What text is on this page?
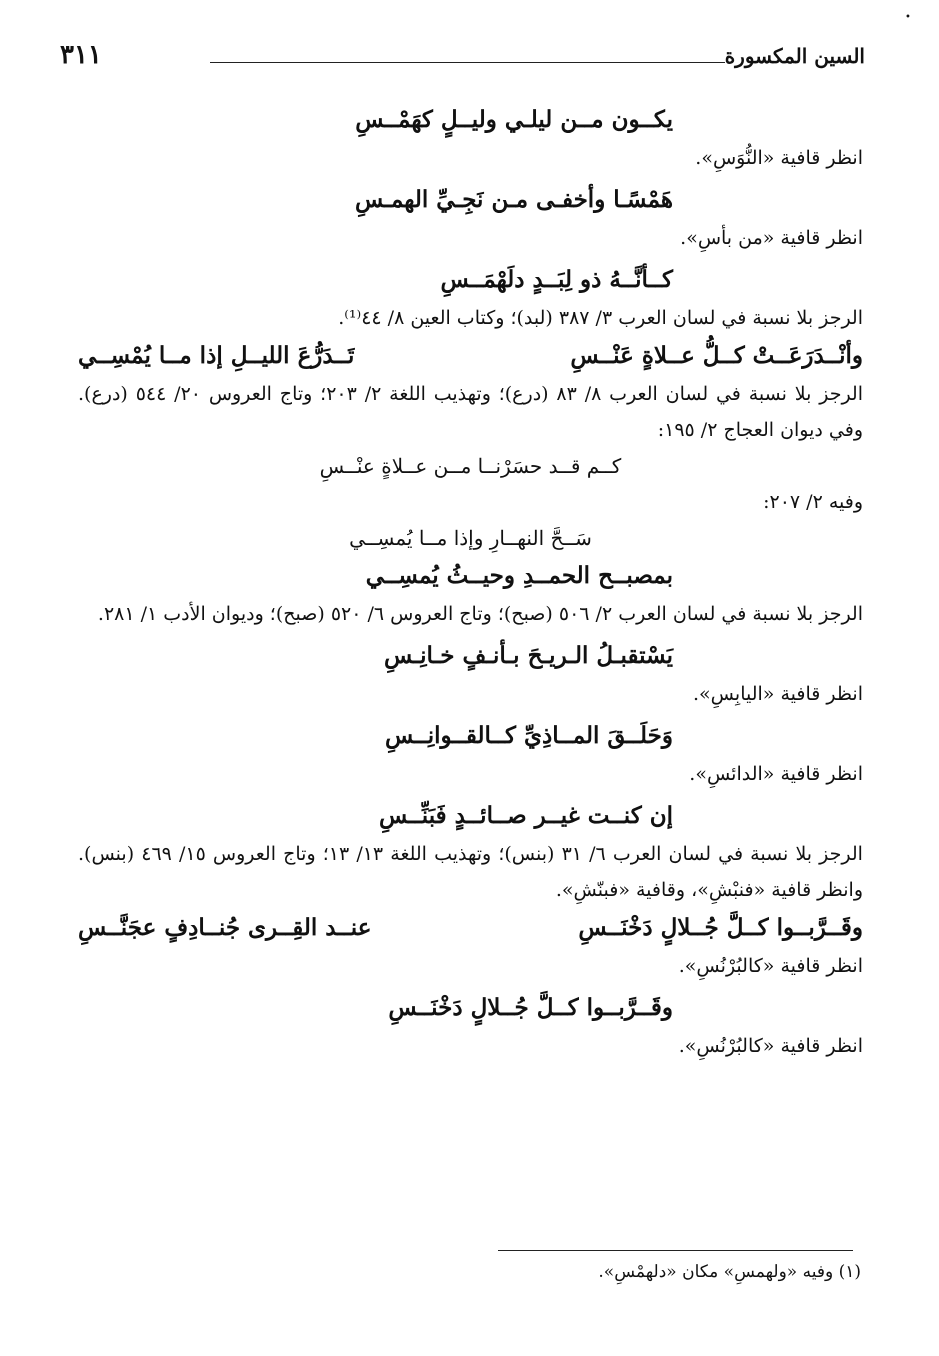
•
٣١١	السين المكسورة
يكــون مــن ليلـي وليــلٍ كهَمْــسِ
انظر قافية «النُّوَسِ».
هَمْسًـا وأخفـى مـن نَجِـيِّ الهمـسِ
انظر قافية «من بأسِ».
كــأنَّــهُ ذو لِبَــدٍ دلَهْمَــسِ
الرجز بلا نسبة في لسان العرب ٣/ ٣٨٧ (لبد)؛ وكتاب العين ٨/ ٤٤⁽¹⁾.
وأنْــدَرَعَــتْ كــلُّ عــلاةٍ عَنْــسِ
تَــدَرُّعَ الليــلِ إذا مــا يُمْسِــي
الرجز بلا نسبة في لسان العرب ٨/ ٨٣ (درع)؛ وتهذيب اللغة ٢/ ٢٠٣؛ وتاج العروس ٢٠/ ٥٤٤ (درع). وفي ديوان العجاج ٢/ ١٩٥:
كــم قــد حسَرْنــا مــن عــلاةٍ عنْــسِ
وفيه ٢/ ٢٠٧:
سَــحَّ النهــارِ وإذا مــا يُمسِــي
بمصبــح الحمــدِ وحيــثُ يُمسِــي
الرجز بلا نسبة في لسان العرب ٢/ ٥٠٦ (صبح)؛ وتاج العروس ٦/ ٥٢٠ (صبح)؛ وديوان الأدب ١/ ٢٨١.
يَسْتقبـلُ الـريـحَ بـأنـفٍ خـانِـسِ
انظر قافية «اليابِسِ».
وَحَلَــقَ المــاذِيِّ كــالقــوانِــسِ
انظر قافية «الدائسِ».
إن كنــت غيــر صــائــدٍ فَبَنِّــسِ
الرجز بلا نسبة في لسان العرب ٦/ ٣١ (بنس)؛ وتهذيب اللغة ١٣/ ١٣؛ وتاج العروس ١٥/ ٤٦٩ (بنس). وانظر قافية «فنبْشِ»، وقافية «فبنّشِ».
وقَــرَّبــوا كــلَّ جُــلالٍ دَخْنَــسِ
عنــد القِــرى جُنــادِفٍ عجَنَّــسِ
انظر قافية «كالبُرْنُسِ».
وقَــرَّبــوا كــلَّ جُــلالٍ دَخْنَــسِ
انظر قافية «كالبُرْنُسِ».
(١) وفيه «ولهمسِ» مكان «دلهمْسِ».
